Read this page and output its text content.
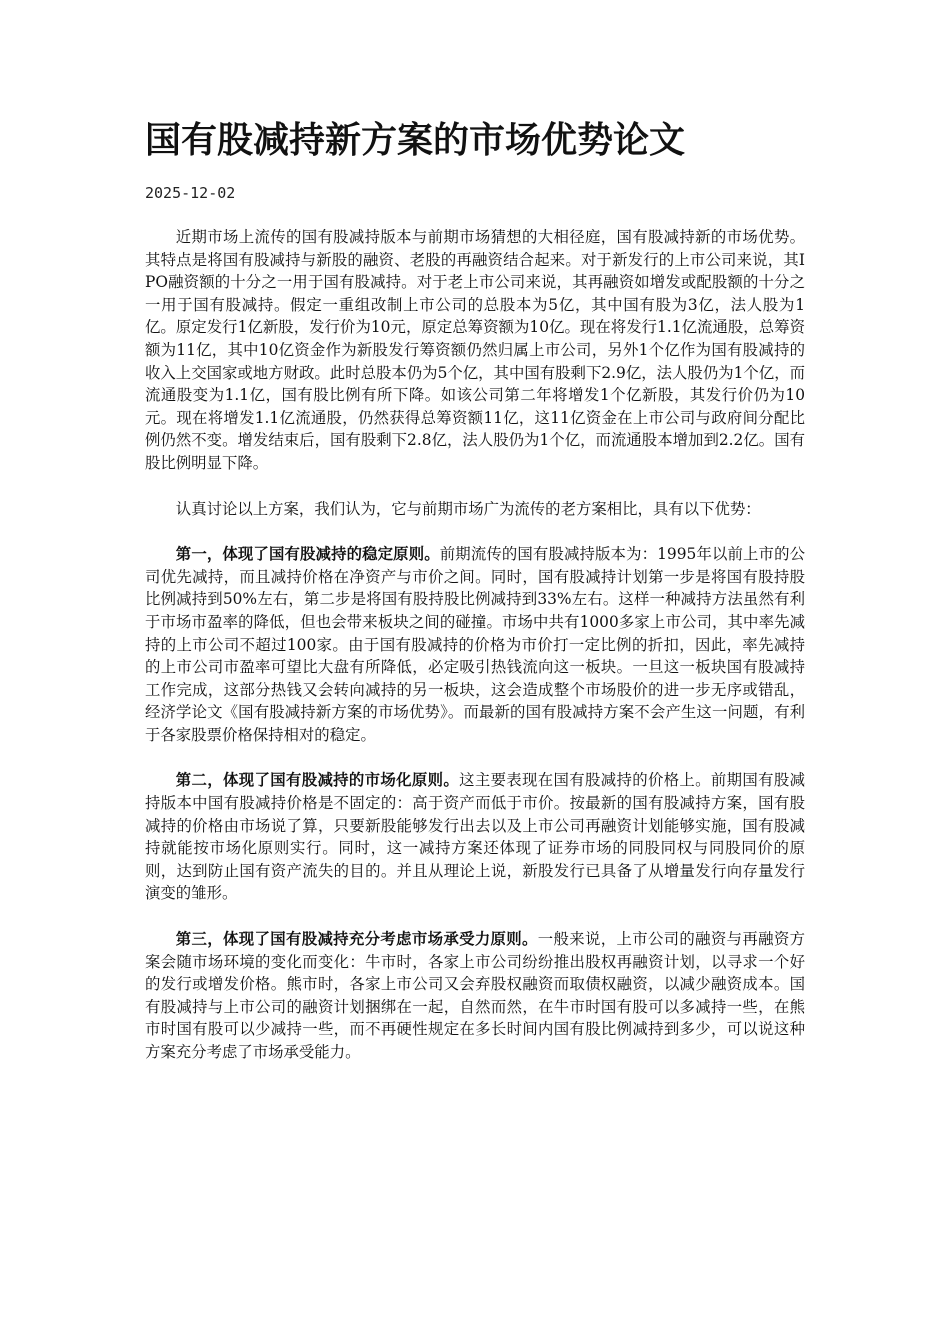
国有股减持新方案的市场优势论文

2025-12-02

近期市场上流传的国有股减持版本与前期市场猜想的大相径庭，国有股减持新的市场优势。其特点是将国有股减持与新股的融资、老股的再融资结合起来。对于新发行的上市公司来说，其IPO融资额的十分之一用于国有股减持。对于老上市公司来说，其再融资如增发或配股额的十分之一用于国有股减持。假定一重组改制上市公司的总股本为5亿，其中国有股为3亿，法人股为1亿。原定发行1亿新股，发行价为10元，原定总筹资额为10亿。现在将发行1.1亿流通股，总筹资额为11亿，其中10亿资金作为新股发行筹资额仍然归属上市公司，另外1个亿作为国有股减持的收入上交国家或地方财政。此时总股本仍为5个亿，其中国有股剩下2.9亿，法人股仍为1个亿，而流通股变为1.1亿，国有股比例有所下降。如该公司第二年将增发1个亿新股，其发行价仍为10元。现在将增发1.1亿流通股，仍然获得总筹资额11亿，这11亿资金在上市公司与政府间分配比例仍然不变。增发结束后，国有股剩下2.8亿，法人股仍为1个亿，而流通股本增加到2.2亿。国有股比例明显下降。

认真讨论以上方案，我们认为，它与前期市场广为流传的老方案相比，具有以下优势：

第一，体现了国有股减持的稳定原则。前期流传的国有股减持版本为：1995年以前上市的公司优先减持，而且减持价格在净资产与市价之间。同时，国有股减持计划第一步是将国有股持股比例减持到50%左右，第二步是将国有股持股比例减持到33%左右。这样一种减持方法虽然有利于市场市盈率的降低，但也会带来板块之间的碰撞。市场中共有1000多家上市公司，其中率先减持的上市公司不超过100家。由于国有股减持的价格为市价打一定比例的折扣，因此，率先减持的上市公司市盈率可望比大盘有所降低，必定吸引热钱流向这一板块。一旦这一板块国有股减持工作完成，这部分热钱又会转向减持的另一板块，这会造成整个市场股价的进一步无序或错乱，经济学论文《国有股减持新方案的市场优势》。而最新的国有股减持方案不会产生这一问题，有利于各家股票价格保持相对的稳定。

第二，体现了国有股减持的市场化原则。这主要表现在国有股减持的价格上。前期国有股减持版本中国有股减持价格是不固定的：高于资产而低于市价。按最新的国有股减持方案，国有股减持的价格由市场说了算，只要新股能够发行出去以及上市公司再融资计划能够实施，国有股减持就能按市场化原则实行。同时，这一减持方案还体现了证券市场的同股同权与同股同价的原则，达到防止国有资产流失的目的。并且从理论上说，新股发行已具备了从增量发行向存量发行演变的雏形。

第三，体现了国有股减持充分考虑市场承受力原则。一般来说，上市公司的融资与再融资方案会随市场环境的变化而变化：牛市时，各家上市公司纷纷推出股权再融资计划，以寻求一个好的发行或增发价格。熊市时，各家上市公司又会弃股权融资而取债权融资，以减少融资成本。国有股减持与上市公司的融资计划捆绑在一起，自然而然，在牛市时国有股可以多减持一些，在熊市时国有股可以少减持一些，而不再硬性规定在多长时间内国有股比例减持到多少，可以说这种方案充分考虑了市场承受能力。
